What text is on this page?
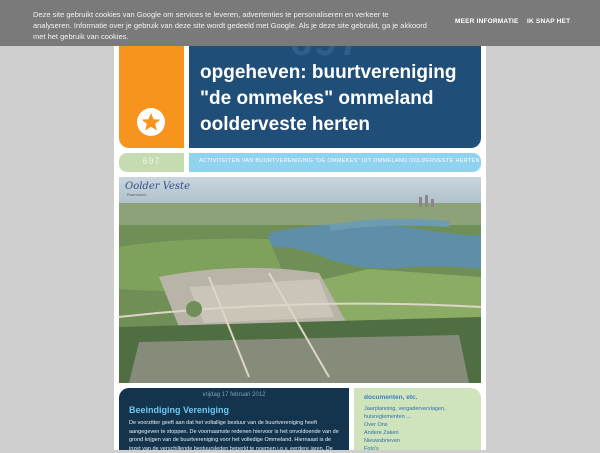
Deze site gebruikt cookies van Google om services te leveren, advertenties te personaliseren en verkeer te analyseren. Informatie over je gebruik van deze site wordt gedeeld met Google. Als je deze site gebruikt, ga je akkoord met het gebruik van cookies.
MEER INFORMATIE IK SNAP HET
opgeheven: buurtvereniging "de ommekes" ommeland oolderveste herten
697	ACTIVITEITEN VAN BUURTVERENIGING "DE OMMEKES" UIT OMMELAND OOLDERVESTE HERTEN
Oolder Veste
Roermond
vrijdag 17 februari 2012
Beeindiging Vereniging
De voorzitter geeft aan dat het voltallige bestuur van de buurtvereniging heeft aangegeven te stoppen. De voornaamste redenen hiervoor is het onvoldoende van de grond krijgen van de buurtvereniging voor het volledige Ommeland. Hiernaast is de inzet van de verschillende bestuursleden beperkt te noemen i.o.v. eerdere jaren. De
documenten, etc.
Jaarplanning, vergaderverslagen, huisreglementen ...
Over Ons
Andere Zaken
Nieuwsbrieven
Foto's
